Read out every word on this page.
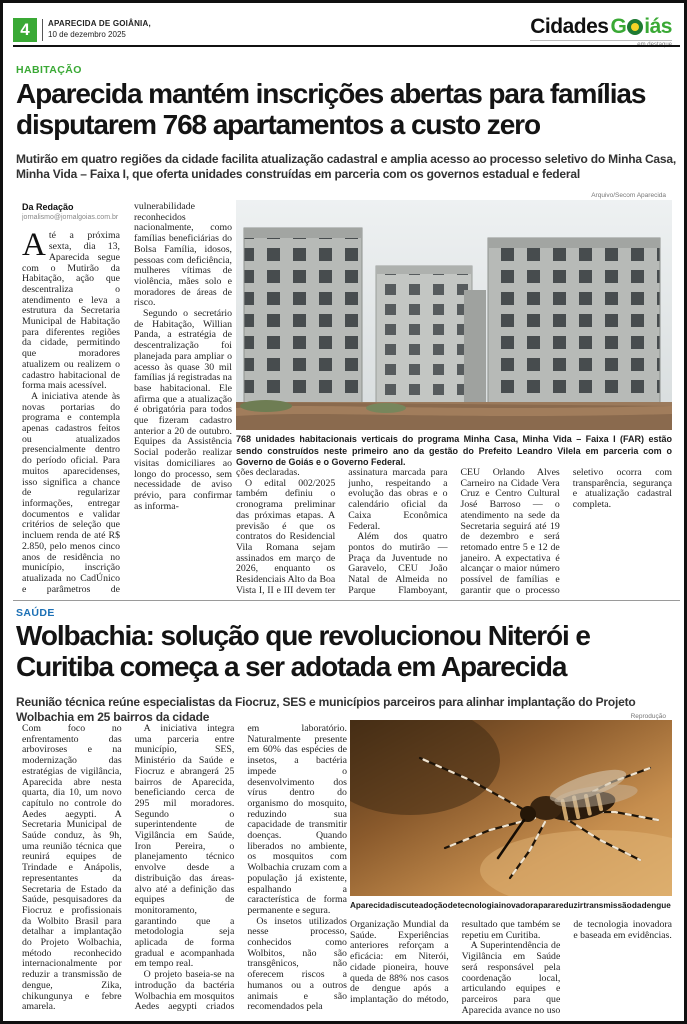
4	APARECIDA DE GOIÂNIA,
10 de dezembro 2025	Cidades G iás
HABITAÇÃO
Aparecida mantém inscrições abertas para famílias
disputarem 768 apartamentos a custo zero
Mutirão em quatro regiões da cidade facilita atualização cadastral e amplia acesso ao processo seletivo do Minha Casa, Minha Vida – Faixa I, que oferta unidades construídas em parceria com os governos estadual e federal
Arquivo/Secom Aparecida
768 unidades habitacionais verticais do programa Minha Casa, Minha Vida – Faixa I (FAR) estão sendo construídos neste primeiro ano da gestão do Prefeito Leandro Vilela em parceria com o Governo de Goiás e o Governo Federal.
Da Redação
jornalismo@jornalgoias.com.br

Até a próxima sexta, dia 13, Aparecida segue com o Mutirão da Habitação, ação que descentraliza o atendimento e leva a estrutura da Secretaria Municipal de Habitação para diferentes regiões da cidade, permitindo que moradores atualizem ou realizem o cadastro habitacional de forma mais acessível.

A iniciativa atende às novas portarias do programa e contempla apenas cadastros feitos ou atualizados presencialmente dentro do período oficial. Para muitos aparecidenses, isso significa a chance de regularizar informações, entregar documentos e validar critérios de seleção que incluem renda de até R$ 2.850, pelo menos cinco anos de residência no município, inscrição atualizada no CadÚnico e parâmetros de vulnerabilidade reconhecidos nacionalmente, como famílias beneficiárias do Bolsa Família, idosos, pessoas com deficiência, mulheres vítimas de violência, mães solo e moradores de áreas de risco.

Segundo o secretário de Habitação, Willian Panda, a estratégia de descentralização foi planejada para ampliar o acesso às quase 30 mil famílias já registradas na base habitacional. Ele afirma que a atualização é obrigatória para todos que fizeram cadastro anterior a 20 de outubro. Equipes da Assistência Social poderão realizar visitas domiciliares ao longo do processo, sem necessidade de aviso prévio, para confirmar as informa-

ções declaradas.

O edital 002/2025 também definiu o cronograma preliminar das próximas etapas. A previsão é que os contratos do Residencial Vila Romana sejam assinados em março de 2026, enquanto os Residenciais Alto da Boa Vista I, II e III devem ter assinatura marcada para junho, respeitando a evolução das obras e o calendário oficial da Caixa Econômica Federal.

Além dos quatro pontos do mutirão — Praça da Juventude no Garavelo, CEU João Natal de Almeida no Parque Flamboyant, CEU Orlando Alves Carneiro na Cidade Vera Cruz e Centro Cultural José Barroso — o atendimento na sede da Secretaria seguirá até 19 de dezembro e será retomado entre 5 e 12 de janeiro. A expectativa é alcançar o maior número possível de famílias e garantir que o processo seletivo ocorra com transparência, segurança e atualização cadastral completa.

SAÚDE
Wolbachia: solução que revolucionou Niterói e
Curitiba começa a ser adotada em Aparecida
Reunião técnica reúne especialistas da Fiocruz, SES e municípios parceiros para alinhar implantação do Projeto Wolbachia em 25 bairros da cidade	Reprodução
Aparecida discute adoção de tecnologia inovadora para reduzir transmissão da dengue

Com foco no enfrentamento das arboviroses e na modernização das estratégias de vigilância, Aparecida abre nesta quarta, dia 10, um novo capítulo no controle do Aedes aegypti. A Secretaria Municipal de Saúde conduz, às 9h, uma reunião técnica que reunirá equipes de Trindade e Anápolis, representantes da Secretaria de Estado da Saúde, pesquisadores da Fiocruz e profissionais da Wolbito Brasil para detalhar a implantação do Projeto Wolbachia, método reconhecido internacionalmente por reduzir a transmissão de dengue, Zika, chikungunya e febre amarela.

A iniciativa integra uma parceria entre município, SES, Ministério da Saúde e Fiocruz e abrangerá 25 bairros de Aparecida, beneficiando cerca de 295 mil moradores. Segundo o superintendente de Vigilância em Saúde, Iron Pereira, o planejamento técnico envolve desde a distribuição das áreas-alvo até a definição das equipes de monitoramento, garantindo que a metodologia seja aplicada de forma gradual e acompanhada em tempo real.

O projeto baseia-se na introdução da bactéria Wolbachia em mosquitos Aedes aegypti criados em laboratório. Naturalmente presente em 60% das espécies de insetos, a bactéria impede o desenvolvimento dos vírus dentro do organismo do mosquito, reduzindo sua capacidade de transmitir doenças. Quando liberados no ambiente, os mosquitos com Wolbachia cruzam com a população já existente, espalhando a característica de forma permanente e segura.

Os insetos utilizados nesse processo, conhecidos como Wolbitos, não são transgênicos, não oferecem riscos a humanos ou a outros animais e são recomendados pela

Organização Mundial da Saúde. Experiências anteriores reforçam a eficácia: em Niterói, cidade pioneira, houve queda de 88% nos casos de dengue após a implantação do método, resultado que também se repetiu em Curitiba.

A Superintendência de Vigilância em Saúde será responsável pela coordenação local, articulando equipes e parceiros para que Aparecida avance no uso de tecnologia inovadora e baseada em evidências.
